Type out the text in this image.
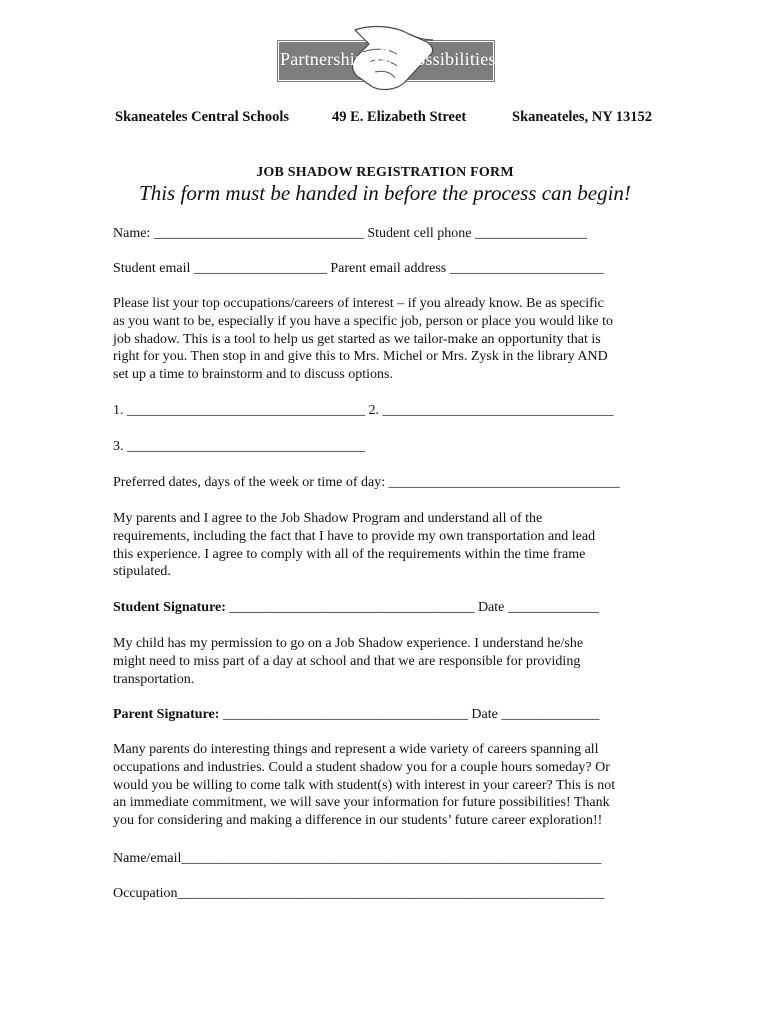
Partnerships & Possibilities
Skaneateles Central Schools	49 E. Elizabeth Street	Skaneateles, NY 13152
JOB SHADOW REGISTRATION FORM
This form must be handed in before the process can begin!
Name: ______________________________ Student cell phone ________________
Student email ___________________ Parent email address ______________________

Please list your top occupations/careers of interest – if you already know. Be as specific

as you want to be, especially if you have a specific job, person or place you would like to

job shadow. This is a tool to help us get started as we tailor-make an opportunity that is

right for you. Then stop in and give this to Mrs. Michel or Mrs. Zysk in the library AND

set up a time to brainstorm and to discuss options.

1. __________________________________ 2. _________________________________
3. __________________________________
Preferred dates, days of the week or time of day: _________________________________

My parents and I agree to the Job Shadow Program and understand all of the

requirements, including the fact that I have to provide my own transportation and lead

this experience. I agree to comply with all of the requirements within the time frame

stipulated.

Student Signature: ___________________________________ Date _____________

My child has my permission to go on a Job Shadow experience. I understand he/she

might need to miss part of a day at school and that we are responsible for providing

transportation.

Parent Signature: ___________________________________ Date ______________

Many parents do interesting things and represent a wide variety of careers spanning all

occupations and industries. Could a student shadow you for a couple hours someday? Or

would you be willing to come talk with student(s) with interest in your career? This is not

an immediate commitment, we will save your information for future possibilities! Thank

you for considering and making a difference in our students’ future career exploration!!

Name/email____________________________________________________________
Occupation_____________________________________________________________
